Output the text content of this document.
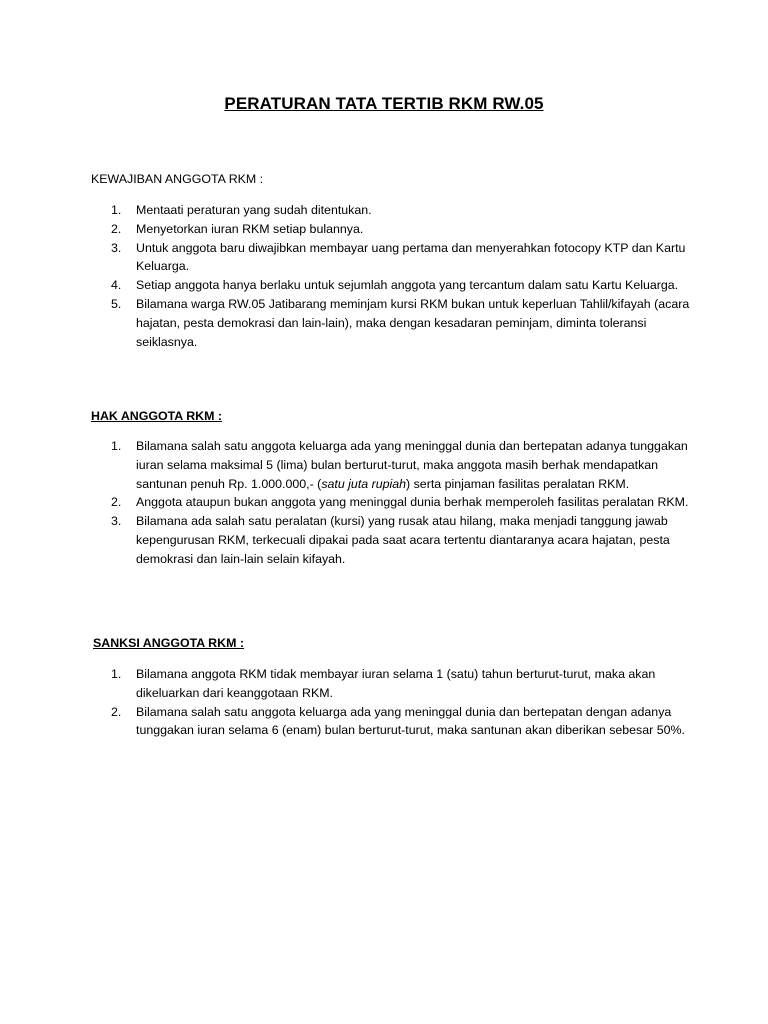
PERATURAN TATA TERTIB RKM RW.05
KEWAJIBAN ANGGOTA RKM :
1. Mentaati peraturan yang sudah ditentukan.
2. Menyetorkan iuran RKM setiap bulannya.
3. Untuk anggota baru diwajibkan membayar uang pertama dan menyerahkan fotocopy KTP dan Kartu Keluarga.
4. Setiap anggota hanya berlaku untuk sejumlah anggota yang tercantum dalam satu Kartu Keluarga.
5. Bilamana warga RW.05 Jatibarang meminjam kursi RKM bukan untuk keperluan Tahlil/kifayah (acara hajatan, pesta demokrasi dan lain-lain), maka dengan kesadaran peminjam, diminta toleransi seiklasnya.
HAK ANGGOTA RKM :
1. Bilamana salah satu anggota keluarga ada yang meninggal dunia dan bertepatan adanya tunggakan iuran selama maksimal 5 (lima) bulan berturut-turut, maka anggota masih berhak mendapatkan santunan penuh Rp. 1.000.000,- (satu juta rupiah) serta pinjaman fasilitas peralatan RKM.
2. Anggota ataupun bukan anggota yang meninggal dunia berhak memperoleh fasilitas peralatan RKM.
3. Bilamana ada salah satu peralatan (kursi) yang rusak atau hilang, maka menjadi tanggung jawab kepengurusan RKM, terkecuali dipakai pada saat acara tertentu diantaranya acara hajatan, pesta demokrasi dan lain-lain selain kifayah.
SANKSI ANGGOTA RKM :
1. Bilamana anggota RKM tidak membayar iuran selama 1 (satu) tahun berturut-turut, maka akan dikeluarkan dari keanggotaan RKM.
2. Bilamana salah satu anggota keluarga ada yang meninggal dunia dan bertepatan dengan adanya tunggakan iuran selama 6 (enam) bulan berturut-turut, maka santunan akan diberikan sebesar 50%.
